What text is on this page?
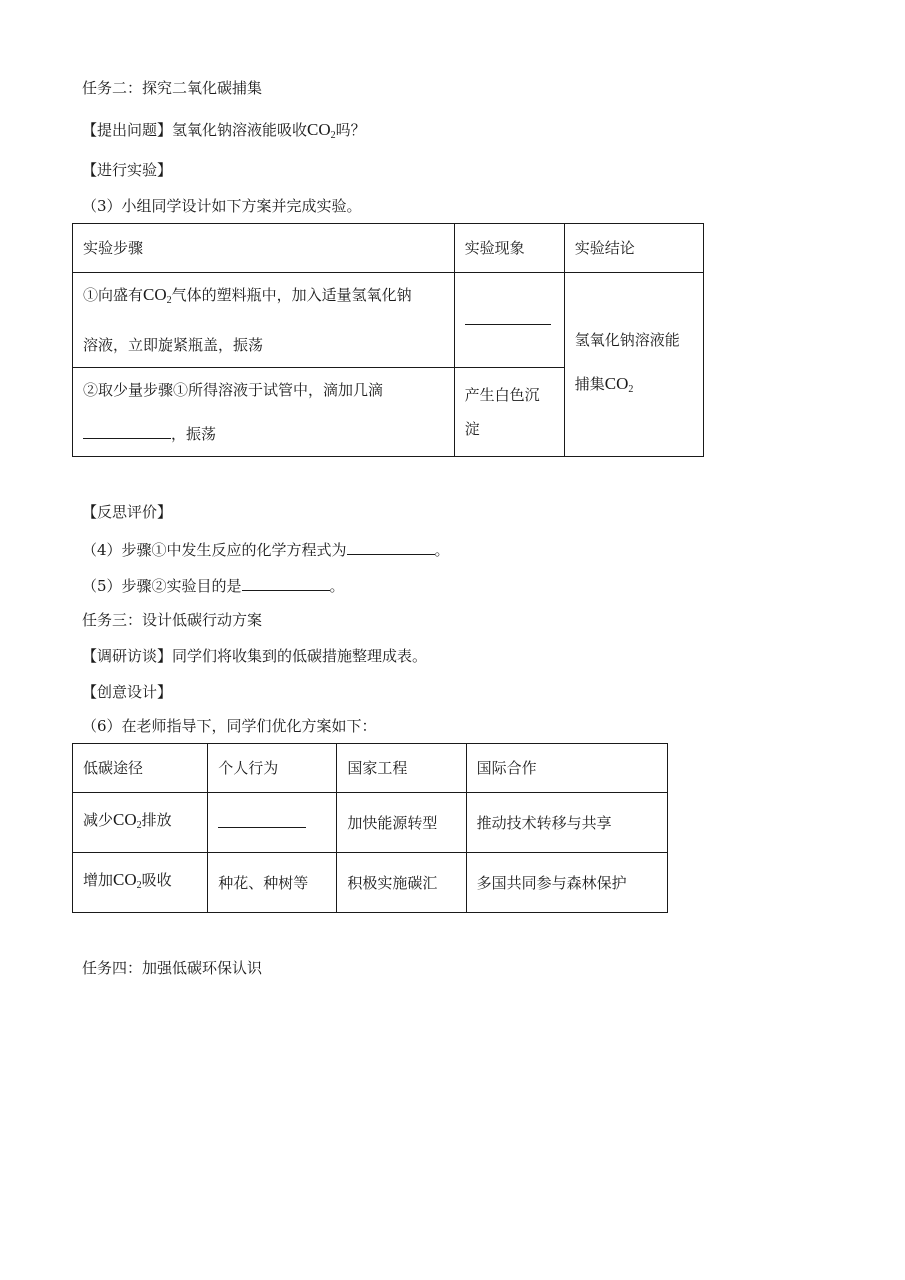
任务二：探究二氧化碳捕集
【提出问题】氢氧化钠溶液能吸收$CO_2$吗？
【进行实验】
（3）小组同学设计如下方案并完成实验。
实验步骤	实验现象	实验结论
①向盛有$CO_2$气体的塑料瓶中，加入适量氢氧化钠
溶液，立即旋紧瓶盖，振荡		氢氧化钠溶液能
捕集$CO_2$
②取少量步骤①所得溶液于试管中，滴加几滴
，振荡	产生白色沉淀	
【反思评价】
（4）步骤①中发生反应的化学方程式为	。
（5）步骤②实验目的是	。
任务三：设计低碳行动方案
【调研访谈】同学们将收集到的低碳措施整理成表。
【创意设计】
（6）在老师指导下，同学们优化方案如下：
低碳途径	个人行为	国家工程	国际合作
减少$CO_2$排放		加快能源转型	推动技术转移与共享
增加$CO_2$吸收	种花、种树等	积极实施碳汇	多国共同参与森林保护
任务四：加强低碳环保认识
